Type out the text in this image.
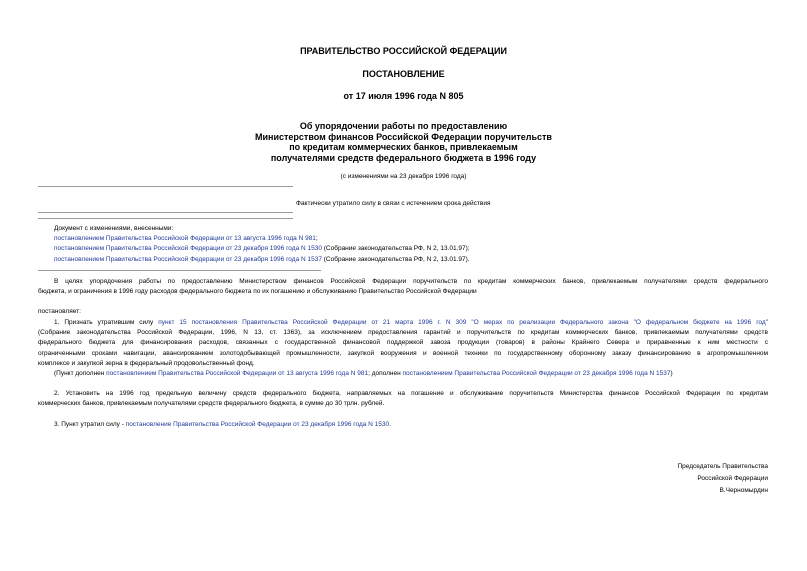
ПРАВИТЕЛЬСТВО РОССИЙСКОЙ ФЕДЕРАЦИИ
ПОСТАНОВЛЕНИЕ
от 17 июля 1996 года N 805
Об упорядочении работы по предоставлению
Министерством финансов Российской Федерации поручительств
по кредитам коммерческих банков, привлекаемым
получателями средств федерального бюджета в 1996 году
(с изменениями на 23 декабря 1996 года)
Фактически утратило силу в связи с истечением срока действия
Документ с изменениями, внесенными:
постановлением Правительства Российской Федерации от 13 августа 1996 года N 981;
постановлением Правительства Российской Федерации от 23 декабря 1996 года N 1530 (Собрание законодательства РФ, N 2, 13.01.97);
постановлением Правительства Российской Федерации от 23 декабря 1996 года N 1537 (Собрание законодательства РФ, N 2, 13.01.97).
В целях упорядочения работы по предоставлению Министерством финансов Российской Федерации поручительств по кредитам коммерческих банков, привлекаемым получателями средств федерального
бюджета, и ограничения в 1996 году расходов федерального бюджета по их погашению и обслуживанию Правительство Российской Федерации
постановляет:
1. Признать утратившим силу пункт 15 постановления Правительства Российской Федерации от 21 марта 1996 г. N 309 "О мерах по реализации Федерального закона "О федеральном бюджете на 1996 год"
(Собрание законодательства Российской Федерации, 1996, N 13, ст. 1363), за исключением предоставления гарантий и поручительств по кредитам коммерческих банков, привлекаемым получателями средств
федерального бюджета для финансирования расходов, связанных с государственной финансовой поддержкой завоза продукции (товаров) в районы Крайнего Севера и приравненные к ним местности с
ограниченными сроками навигации, авансированием золотодобывающей промышленности, закупкой вооружения и военной техники по государственному оборонному заказу финансированию в агропромышленном
комплексе и закупкой зерна в федеральный продовольственный фонд.
(Пункт дополнен постановлением Правительства Российской Федерации от 13 августа 1996 года N 981; дополнен постановлением Правительства Российской Федерации от 23 декабря 1996 года N 1537)
2. Установить на 1996 год предельную величину средств федерального бюджета, направляемых на погашение и обслуживание поручительств Министерства финансов Российской Федерации по кредитам
коммерческих банков, привлекаемым получателями средств федерального бюджета, в сумме до 30 трлн. рублей.
3. Пункт утратил силу - постановление Правительства Российской Федерации от 23 декабря 1996 года N 1530.
Председатель Правительства
Российской Федерации
В.Черномырдин
